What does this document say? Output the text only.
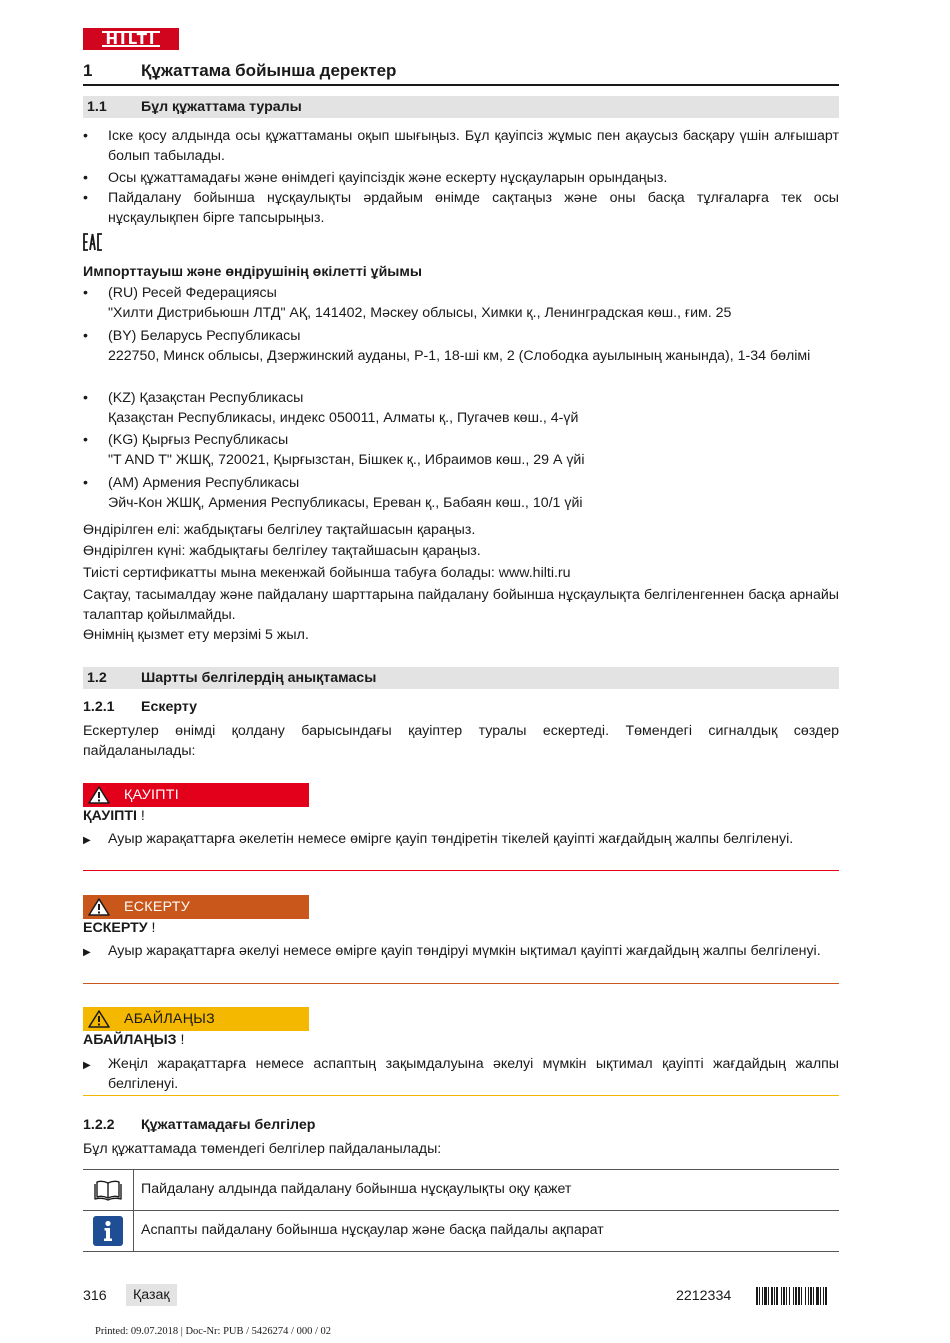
HILTI
1	Құжаттама бойынша деректер
1.1	Бұл құжаттама туралы
• Іске қосу алдында осы құжаттаманы оқып шығыңыз. Бұл қауіпсіз жұмыс пен ақаусыз басқару үшін алғышарт болып табылады.
• Осы құжаттамадағы және өнімдегі қауіпсіздік және ескерту нұсқауларын орындаңыз.
• Пайдалану бойынша нұсқаулықты әрдайым өнімде сақтаңыз және оны басқа тұлғаларға тек осы нұсқаулықпен бірге тапсырыңыз.
Импорттауыш және өндірушінің өкілетті ұйымы
• (RU) Ресей Федерациясы
"Хилти Дистрибьюшн ЛТД" АҚ, 141402, Мәскеу облысы, Химки қ., Ленинградская көш., ғим. 25
• (BY) Беларусь Республикасы
222750, Минск облысы, Дзержинский ауданы, Р-1, 18-ші км, 2 (Слободка ауылының жанында), 1-34 бөлімі
• (KZ) Қазақстан Республикасы
Қазақстан Республикасы, индекс 050011, Алматы қ., Пугачев көш., 4-үй
• (KG) Қырғыз Республикасы
"T AND T" ЖШҚ, 720021, Қырғызстан, Бішкек қ., Ибраимов көш., 29 А үйі
• (AM) Армения Республикасы
Эйч-Кон ЖШҚ, Армения Республикасы, Ереван қ., Бабаян көш., 10/1 үйі
Өндірілген елі: жабдықтағы белгілеу тақтайшасын қараңыз.
Өндірілген күні: жабдықтағы белгілеу тақтайшасын қараңыз.
Тиісті сертификатты мына мекенжай бойынша табуға болады: www.hilti.ru
Сақтау, тасымалдау және пайдалану шарттарына пайдалану бойынша нұсқаулықта белгіленгеннен басқа арнайы талаптар қойылмайды.
Өнімнің қызмет ету мерзімі 5 жыл.
1.2	Шартты белгілердің анықтамасы
1.2.1 Ескерту
Ескертулер өнімді қолдану барысындағы қауіптер туралы ескертеді. Төмендегі сигналдық сөздер пайдаланылады:
ҚАУІПТІ
ҚАУІПТІ !
▶ Ауыр жарақаттарға әкелетін немесе өмірге қауіп төндіретін тікелей қауіпті жағдайдың жалпы белгіленуі.
ЕСКЕРТУ
ЕСКЕРТУ !
▶ Ауыр жарақаттарға әкелуі немесе өмірге қауіп төндіруі мүмкін ықтимал қауіпті жағдайдың жалпы белгіленуі.
АБАЙЛАҢЫЗ
АБАЙЛАҢЫЗ !
▶ Жеңіл жарақаттарға немесе аспаптың зақымдалуына әкелуі мүмкін ықтимал қауіпті жағдайдың жалпы белгіленуі.
1.2.2 Құжаттамадағы белгілер
Бұл құжаттамада төмендегі белгілер пайдаланылады:
Пайдалану алдында пайдалану бойынша нұсқаулықты оқу қажет
Аспапты пайдалану бойынша нұсқаулар және басқа пайдалы ақпарат
316	Қазақ	2212334
Printed: 09.07.2018 | Doc-Nr: PUB / 5426274 / 000 / 02
